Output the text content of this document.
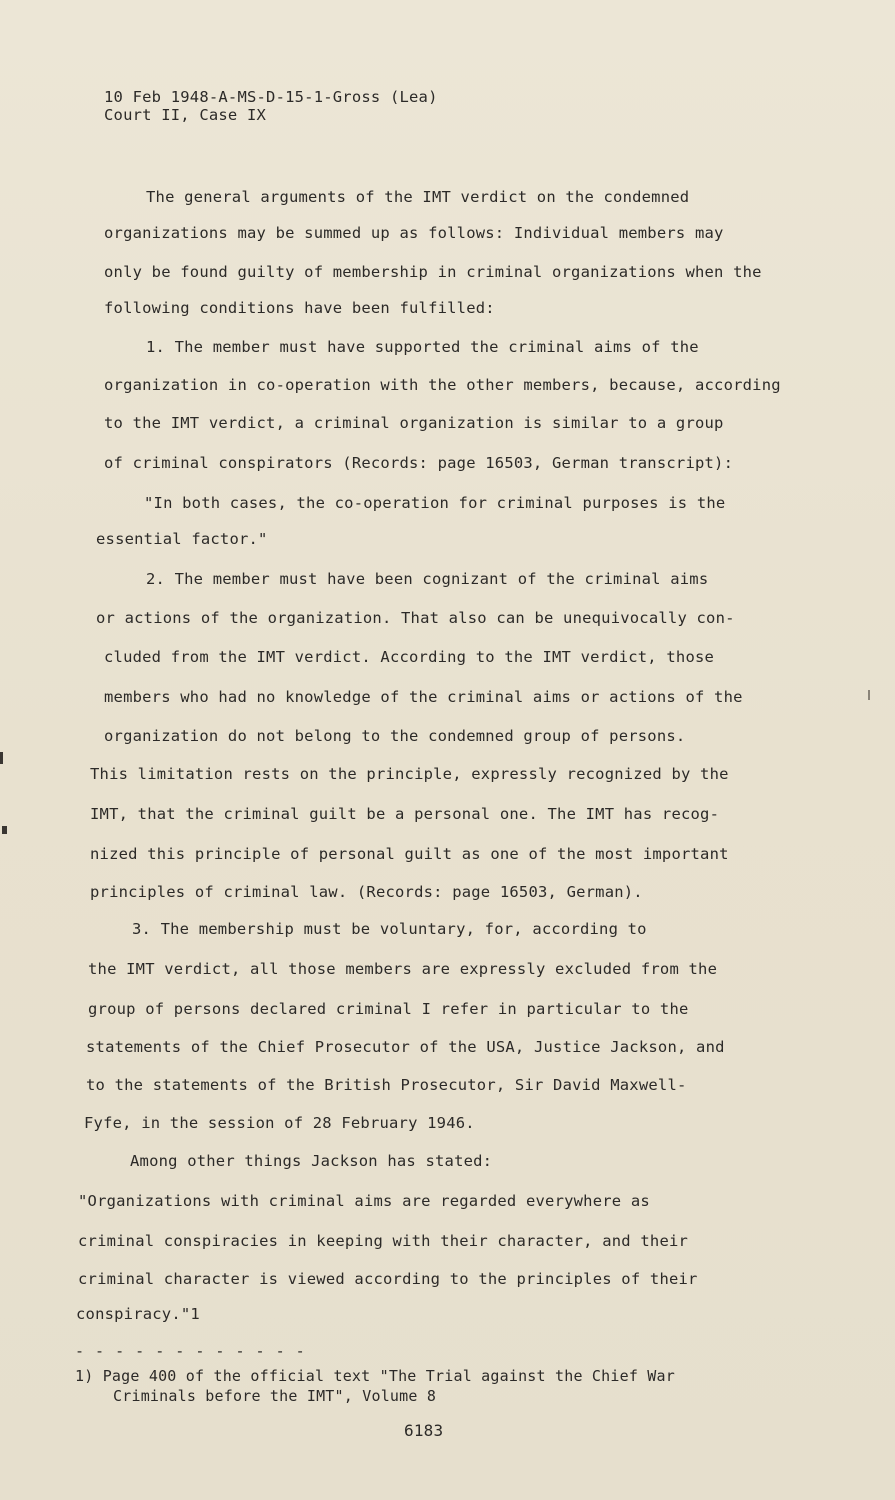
10 Feb 1948-A-MS-D-15-1-Gross (Lea)
Court II, Case IX
The general arguments of the IMT verdict on the condemned
organizations may be summed up as follows: Individual members may
only be found guilty of membership in criminal organizations when the
following conditions have been fulfilled:
1. The member must have supported the criminal aims of the
organization in co-operation with the other members, because, according
to the IMT verdict, a criminal organization is similar to a group
of criminal conspirators (Records: page 16503, German transcript):
"In both cases, the co-operation for criminal purposes is the
essential factor."
2. The member must have been cognizant of the criminal aims
or actions of the organization. That also can be unequivocally con-
cluded from the IMT verdict. According to the IMT verdict, those
members who had no knowledge of the criminal aims or actions of the
organization do not belong to the condemned group of persons.
This limitation rests on the principle, expressly recognized by the
IMT, that the criminal guilt be a personal one. The IMT has recog-
nized this principle of personal guilt as one of the most important
principles of criminal law. (Records: page 16503, German).
3. The membership must be voluntary, for, according to
the IMT verdict, all those members are expressly excluded from the
group of persons declared criminal I refer in particular to the
statements of the Chief Prosecutor of the USA, Justice Jackson, and
to the statements of the British Prosecutor, Sir David Maxwell-
Fyfe, in the session of 28 February 1946.
Among other things Jackson has stated:
"Organizations with criminal aims are regarded everywhere as
criminal conspiracies in keeping with their character, and their
criminal character is viewed according to the principles of their
conspiracy."1
- - - - - - - - - - - -
1) Page 400 of the official text "The Trial against the Chief War
Criminals before the IMT", Volume 8
6183
